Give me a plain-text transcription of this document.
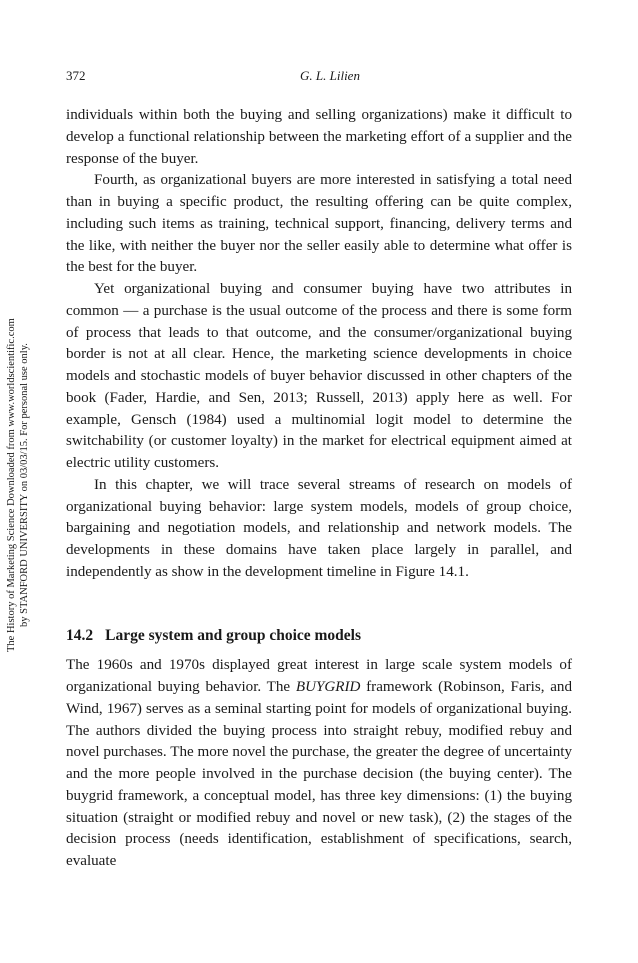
372	G. L. Lilien
The History of Marketing Science Downloaded from www.worldscientific.com by STANFORD UNIVERSITY on 03/03/15. For personal use only.

individuals within both the buying and selling organizations) make it difficult to develop a functional relationship between the marketing effort of a supplier and the response of the buyer.

Fourth, as organizational buyers are more interested in satisfying a total need than in buying a specific product, the resulting offering can be quite complex, including such items as training, technical support, financing, delivery terms and the like, with neither the buyer nor the seller easily able to determine what offer is the best for the buyer.

Yet organizational buying and consumer buying have two attributes in common — a purchase is the usual outcome of the process and there is some form of process that leads to that outcome, and the consumer/organizational buying border is not at all clear. Hence, the marketing science developments in choice models and stochastic models of buyer behavior discussed in other chapters of the book (Fader, Hardie, and Sen, 2013; Russell, 2013) apply here as well. For example, Gensch (1984) used a multinomial logit model to determine the switchability (or customer loyalty) in the market for electrical equipment aimed at electric utility customers.

In this chapter, we will trace several streams of research on models of organizational buying behavior: large system models, models of group choice, bargaining and negotiation models, and relationship and network models. The developments in these domains have taken place largely in parallel, and independently as show in the development timeline in Figure 14.1.

14.2 Large system and group choice models

The 1960s and 1970s displayed great interest in large scale system models of organizational buying behavior. The BUYGRID framework (Robinson, Faris, and Wind, 1967) serves as a seminal starting point for models of organizational buying. The authors divided the buying process into straight rebuy, modified rebuy and novel purchases. The more novel the purchase, the greater the degree of uncertainty and the more people involved in the purchase decision (the buying center). The buygrid framework, a conceptual model, has three key dimensions: (1) the buying situation (straight or modified rebuy and novel or new task), (2) the stages of the decision process (needs identification, establishment of specifications, search, evaluate
